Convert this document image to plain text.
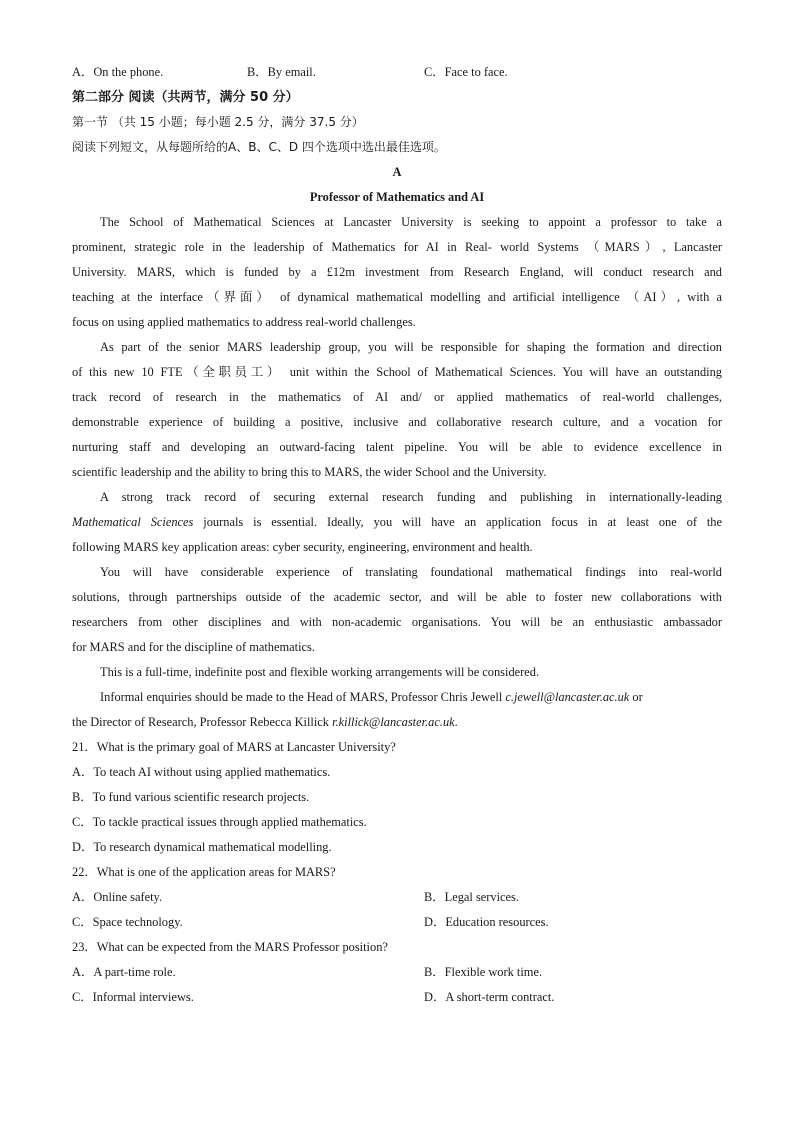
A．On the phone.	B．By email.	C．Face to face.
第二部分 阅读（共两节，满分 50 分）
第一节 （共 15 小题；每小题 2.5 分，满分 37.5 分）
阅读下列短文，从每题所给的A、B、C、D 四个选项中选出最佳选项。
A
Professor of Mathematics and AI
The School of Mathematical Sciences at Lancaster University is seeking to appoint a professor to take a
prominent, strategic role in the leadership of Mathematics for AI in Real- world Systems （MARS）, Lancaster
University. MARS, which is funded by a £12m investment from Research England, will conduct research and
teaching at the interface（界面） of dynamical mathematical modelling and artificial intelligence （AI）, with a
focus on using applied mathematics to address real-world challenges.
As part of the senior MARS leadership group, you will be responsible for shaping the formation and direction
of this new 10 FTE（全职员工） unit within the School of Mathematical Sciences. You will have an outstanding
track record of research in the mathematics of AI and/ or applied mathematics of real-world challenges,
demonstrable experience of building a positive, inclusive and collaborative research culture, and a vocation for
nurturing staff and developing an outward-facing talent pipeline. You will be able to evidence excellence in
scientific leadership and the ability to bring this to MARS, the wider School and the University.
A strong track record of securing external research funding and publishing in internationally-leading
Mathematical Sciences journals is essential. Ideally, you will have an application focus in at least one of the
following MARS key application areas: cyber security, engineering, environment and health.
You will have considerable experience of translating foundational mathematical findings into real-world
solutions, through partnerships outside of the academic sector, and will be able to foster new collaborations with
researchers from other disciplines and with non-academic organisations. You will be an enthusiastic ambassador
for MARS and for the discipline of mathematics.
This is a full-time, indefinite post and flexible working arrangements will be considered.
Informal enquiries should be made to the Head of MARS, Professor Chris Jewell c.jewell@lancaster.ac.uk or
the Director of Research, Professor Rebecca Killick r.killick@lancaster.ac.uk.
21．What is the primary goal of MARS at Lancaster University?
A．To teach AI without using applied mathematics.
B．To fund various scientific research projects.
C．To tackle practical issues through applied mathematics.
D．To research dynamical mathematical modelling.
22．What is one of the application areas for MARS?
A．Online safety.	B．Legal services.
C．Space technology.	D．Education resources.
23．What can be expected from the MARS Professor position?
A．A part-time role.	B．Flexible work time.
C．Informal interviews.	D．A short-term contract.
